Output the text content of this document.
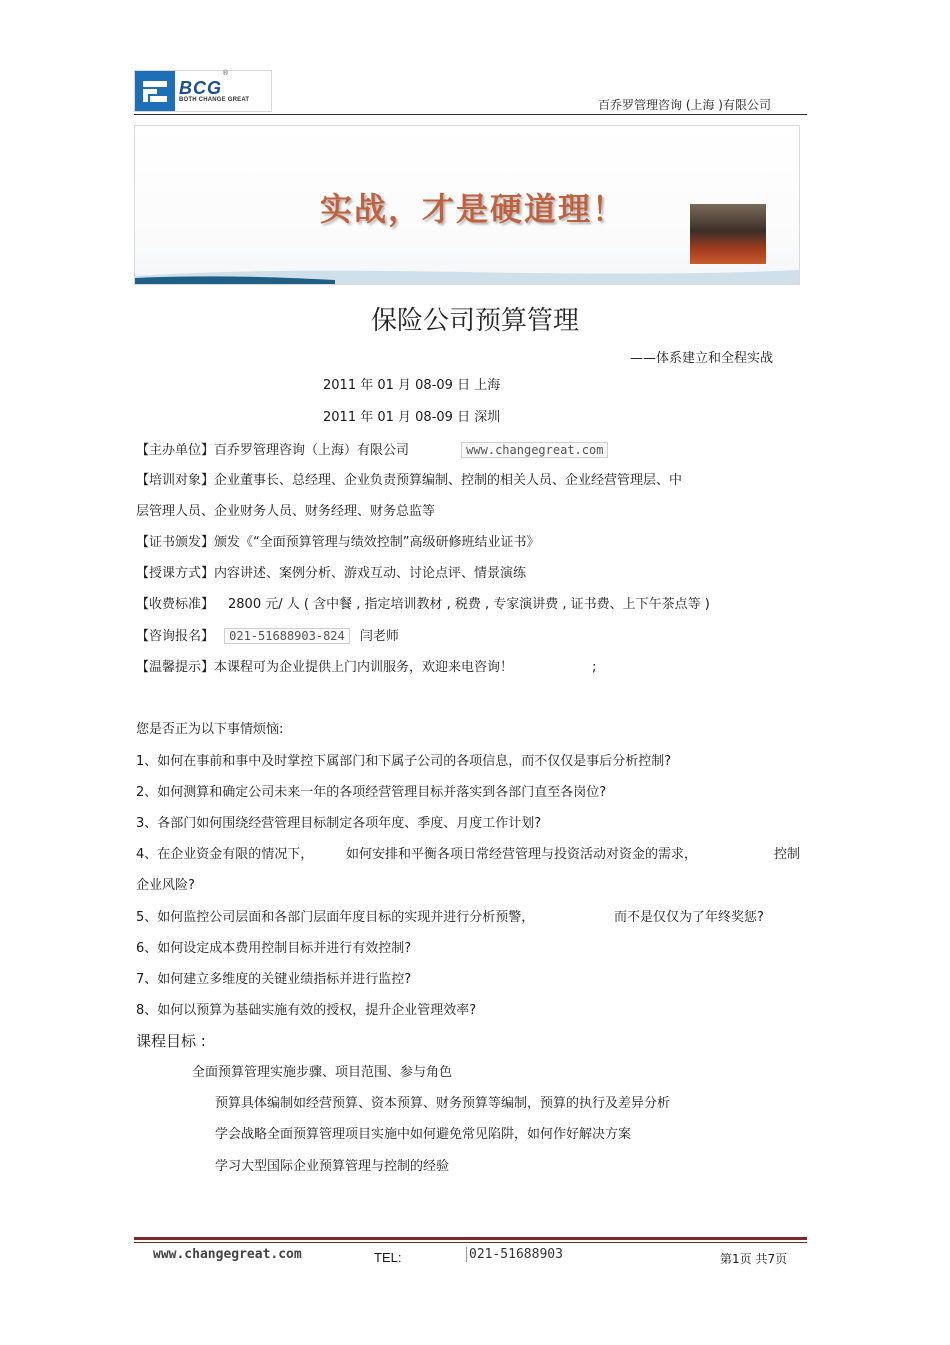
BCG
BOTH CHANGE GREAT
®
百乔罗管理咨询 (上海 )有限公司
实战，才是硬道理！
保险公司预算管理
——体系建立和全程实战
2011 年 01 月 08-09 日 上海
2011 年 01 月 08-09 日 深圳
【主办单位】百乔罗管理咨询（上海）有限公司	www.changegreat.com
【培训对象】企业董事长、总经理、企业负责预算编制、控制的相关人员、企业经营管理层、中
层管理人员、企业财务人员、财务经理、财务总监等
【证书颁发】颁发《“全面预算管理与绩效控制”高级研修班结业证书》
【授课方式】内容讲述、案例分析、游戏互动、讨论点评、情景演练
【收费标准】 2800 元/ 人 ( 含中餐 , 指定培训教材 , 税费 , 专家演讲费 , 证书费、上下午茶点等 )
【咨询报名】 021-51688903-824 闫老师
【温馨提示】本课程可为企业提供上门内训服务，欢迎来电咨询！	;
您是否正为以下事情烦恼:
1、如何在事前和事中及时掌控下属部门和下属子公司的各项信息，而不仅仅是事后分析控制?
2、如何测算和确定公司未来一年的各项经营管理目标并落实到各部门直至各岗位?
3、各部门如何围绕经营管理目标制定各项年度、季度、月度工作计划?
4、在企业资金有限的情况下，	如何安排和平衡各项日常经营管理与投资活动对资金的需求，	控制
企业风险?
5、如何监控公司层面和各部门层面年度目标的实现并进行分析预警，	而不是仅仅为了年终奖惩?
6、如何设定成本费用控制目标并进行有效控制?
7、如何建立多维度的关键业绩指标并进行监控?
8、如何以预算为基础实施有效的授权，提升企业管理效率?
课程目标 :
全面预算管理实施步骤、项目范围、参与角色
预算具体编制如经营预算、资本预算、财务预算等编制，预算的执行及差异分析
学会战略全面预算管理项目实施中如何避免常见陷阱，如何作好解决方案
学习大型国际企业预算管理与控制的经验
www.changegreat.com	TEL:	021-51688903	第1页 共7页
